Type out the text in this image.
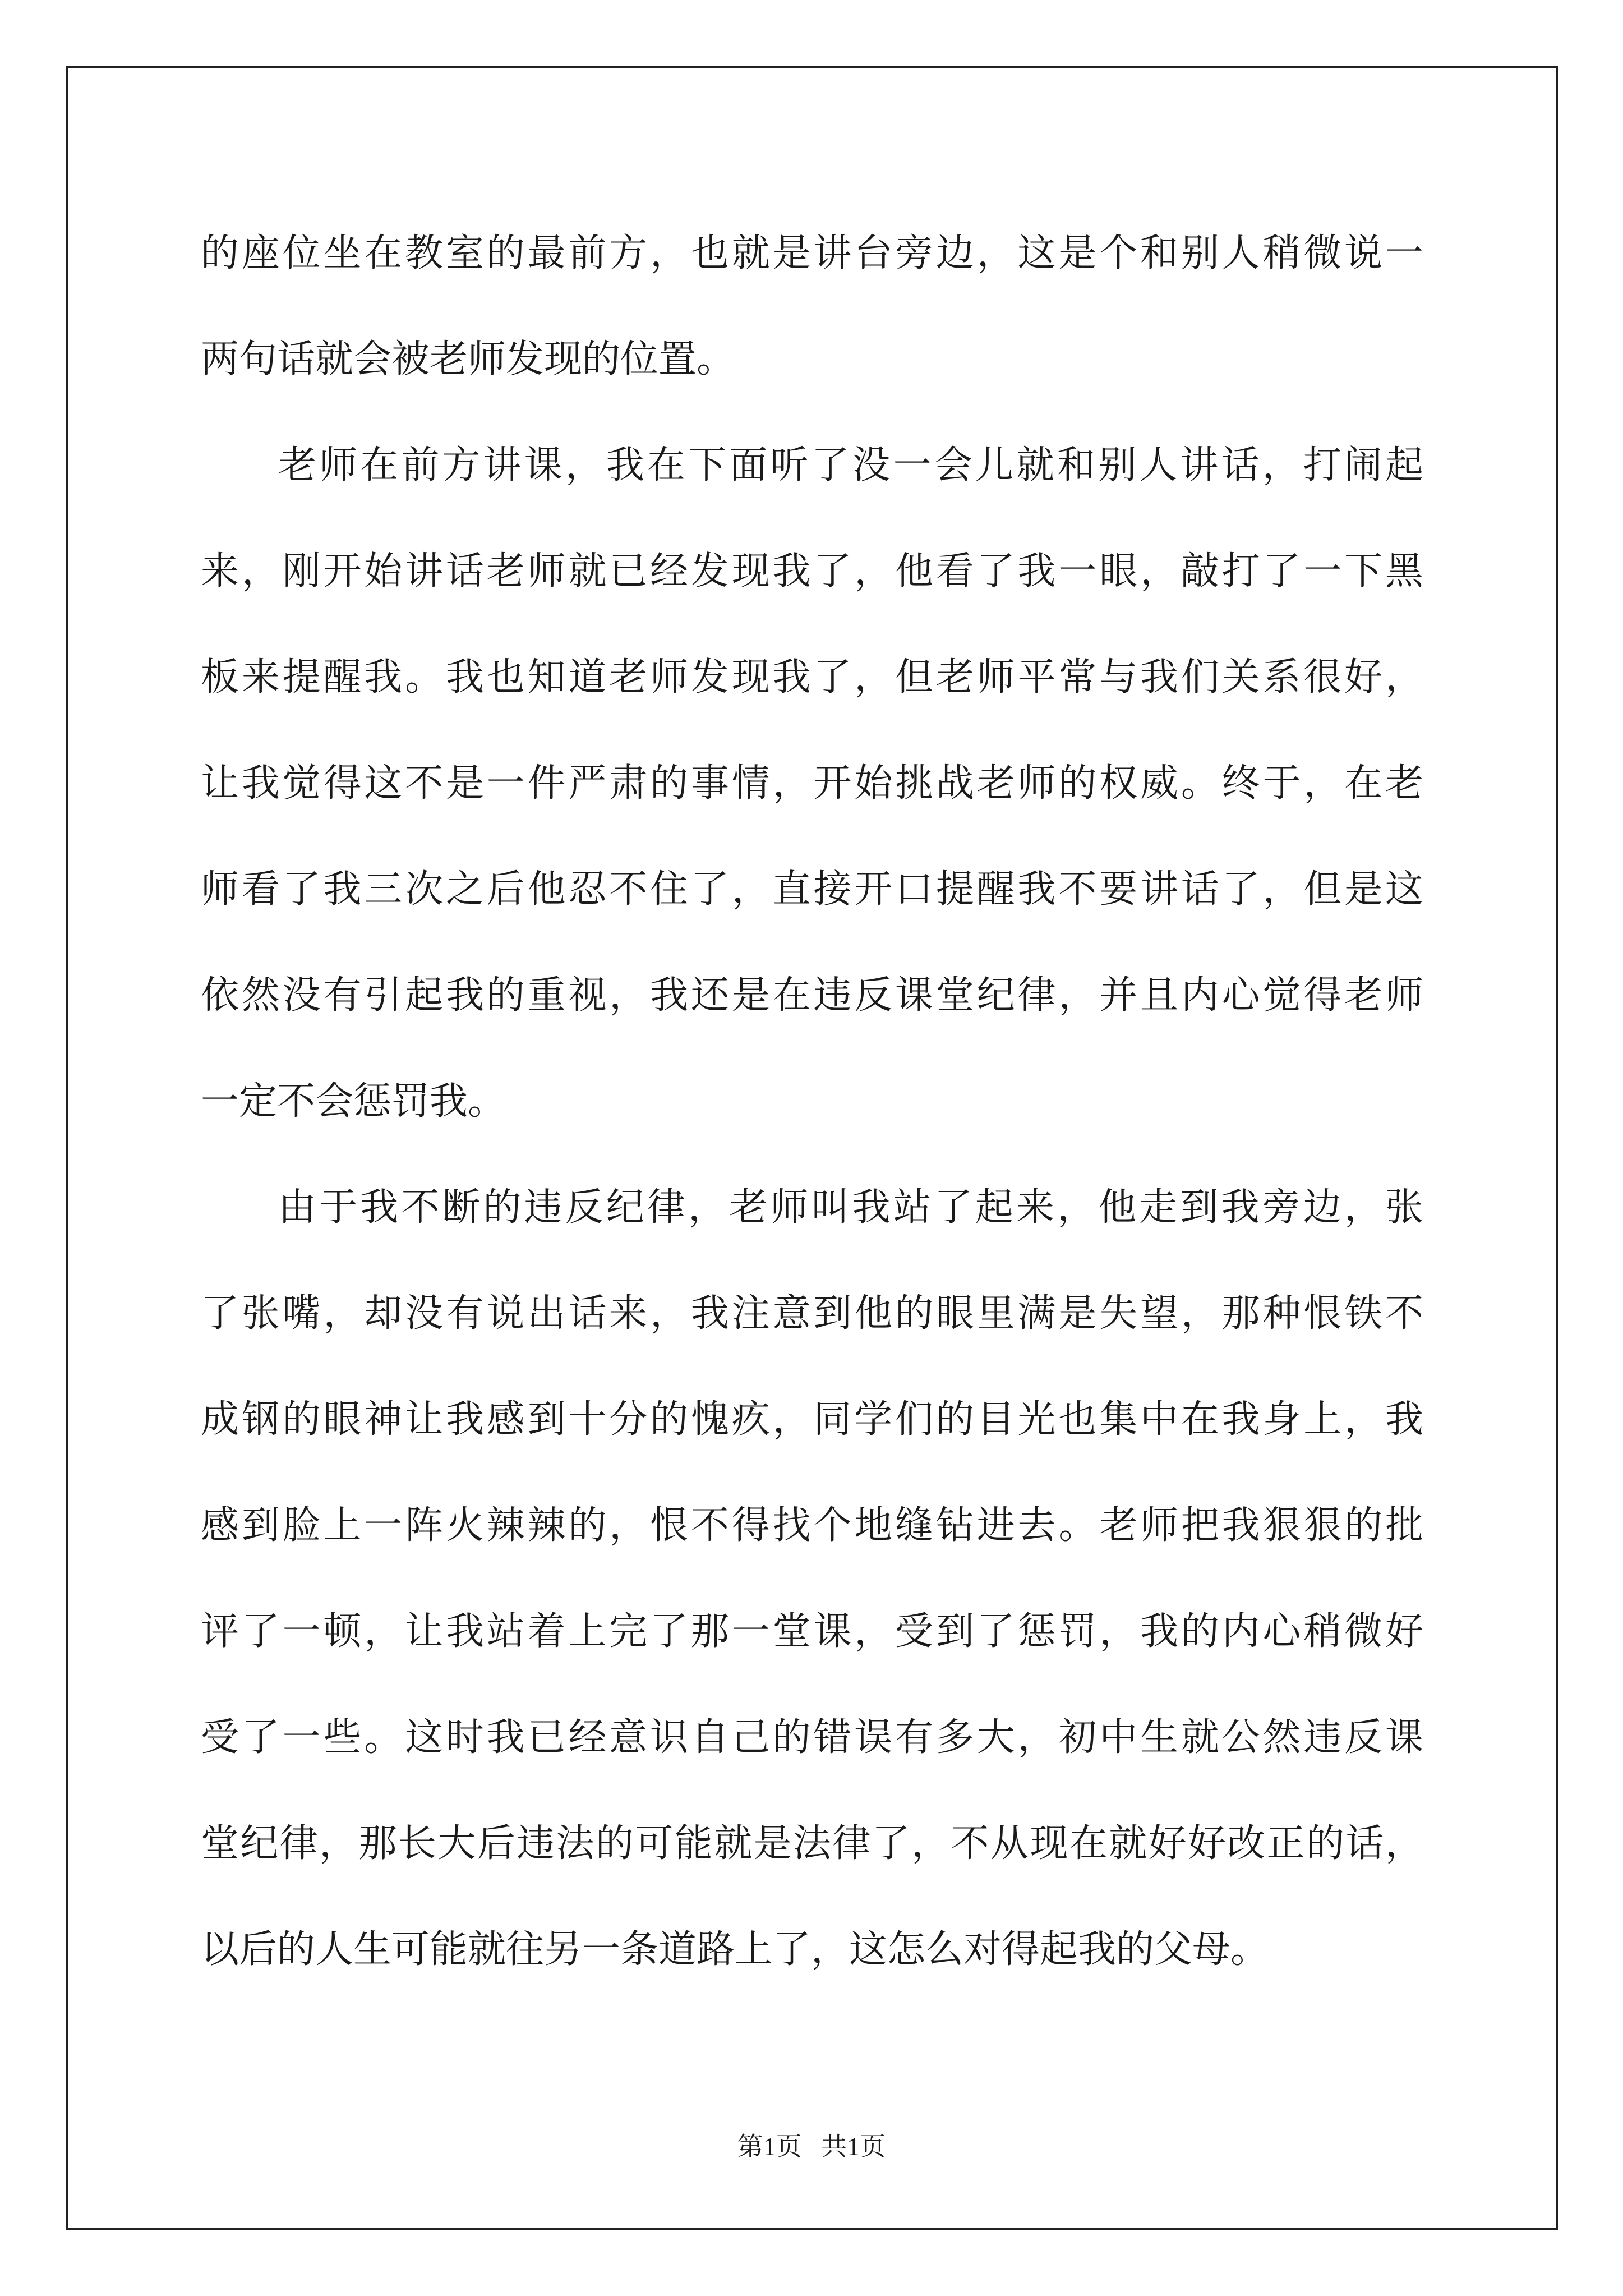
的座位坐在教室的最前方，也就是讲台旁边，这是个和别人稍微说一
两句话就会被老师发现的位置。
老师在前方讲课，我在下面听了没一会儿就和别人讲话，打闹起
来，刚开始讲话老师就已经发现我了，他看了我一眼，敲打了一下黑
板来提醒我。我也知道老师发现我了，但老师平常与我们关系很好，
让我觉得这不是一件严肃的事情，开始挑战老师的权威。终于，在老
师看了我三次之后他忍不住了，直接开口提醒我不要讲话了，但是这
依然没有引起我的重视，我还是在违反课堂纪律，并且内心觉得老师
一定不会惩罚我。
由于我不断的违反纪律，老师叫我站了起来，他走到我旁边，张
了张嘴，却没有说出话来，我注意到他的眼里满是失望，那种恨铁不
成钢的眼神让我感到十分的愧疚，同学们的目光也集中在我身上，我
感到脸上一阵火辣辣的，恨不得找个地缝钻进去。老师把我狠狠的批
评了一顿，让我站着上完了那一堂课，受到了惩罚，我的内心稍微好
受了一些。这时我已经意识自己的错误有多大，初中生就公然违反课
堂纪律，那长大后违法的可能就是法律了，不从现在就好好改正的话，
以后的人生可能就往另一条道路上了，这怎么对得起我的父母。
第1页   共1页
